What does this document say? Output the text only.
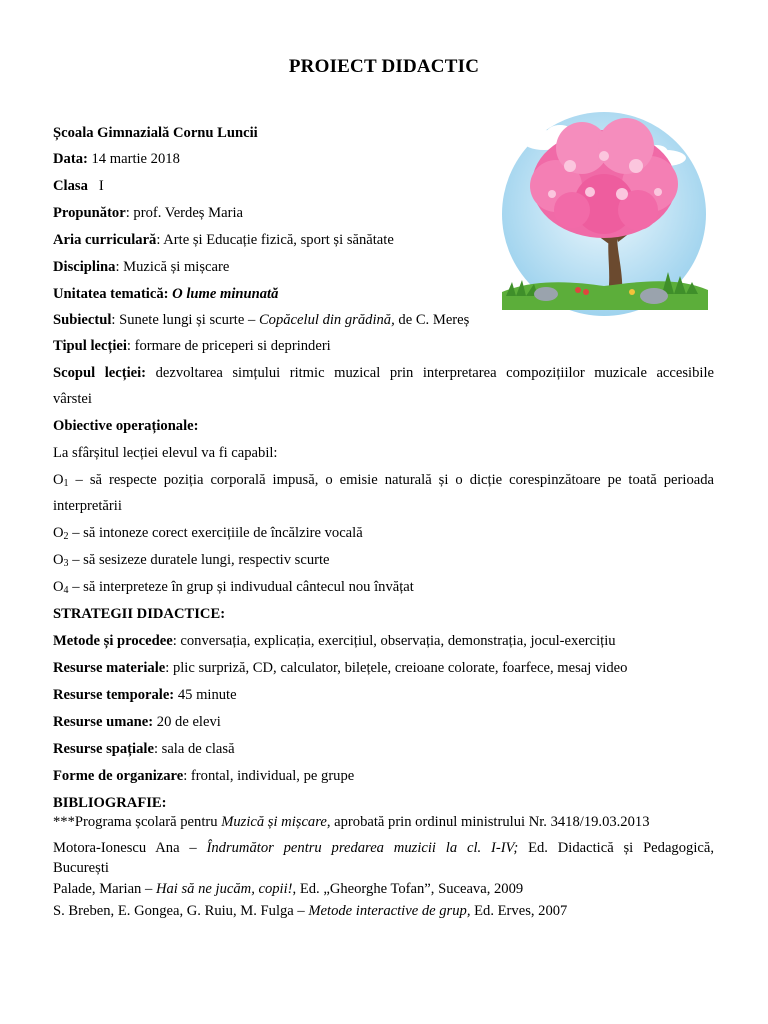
PROIECT DIDACTIC
Școala Gimnazială Cornu Luncii
Data: 14 martie 2018
Clasa I
Propunător: prof. Verdeș Maria
Aria curriculară: Arte și Educație fizică, sport și sănătate
Disciplina: Muzică și mișcare
Unitatea tematică: O lume minunată
Subiectul: Sunete lungi și scurte – Copăcelul din grădină, de C. Mereș
Tipul lecției: formare de priceperi si deprinderi
Scopul lecției: dezvoltarea simțului ritmic muzical prin interpretarea compozițiilor muzicale accesibile
vârstei
Obiective operaționale:
La sfârșitul lecției elevul va fi capabil:
$O_1$ – să respecte poziția corporală impusă, o emisie naturală și o dicție corespinzătoare pe toată perioada
interpretării
$O_2$ – să intoneze corect exercițiile de încălzire vocală
$O_3$ – să sesizeze duratele lungi, respectiv scurte
$O_4$ – să interpreteze în grup și indivudual cântecul nou învățat
STRATEGII DIDACTICE:
Metode și procedee: conversația, explicația, exercițiul, observația, demonstrația, jocul-exercițiu
Resurse materiale: plic surpriză, CD, calculator, bilețele, creioane colorate, foarfece, mesaj video
Resurse temporale: 45 minute
Resurse umane: 20 de elevi
Resurse spațiale: sala de clasă
Forme de organizare: frontal, individual, pe grupe
BIBLIOGRAFIE:
***Programa școlară pentru Muzică și mișcare, aprobată prin ordinul ministrului Nr. 3418/19.03.2013
Motora-Ionescu Ana – Îndrumător pentru predarea muzicii la cl. I-IV; Ed. Didactică și Pedagogică,
București
Palade, Marian – Hai să ne jucăm, copii!, Ed. „Gheorghe Tofan”, Suceava, 2009
S. Breben, E. Gongea, G. Ruiu, M. Fulga – Metode interactive de grup, Ed. Erves, 2007
